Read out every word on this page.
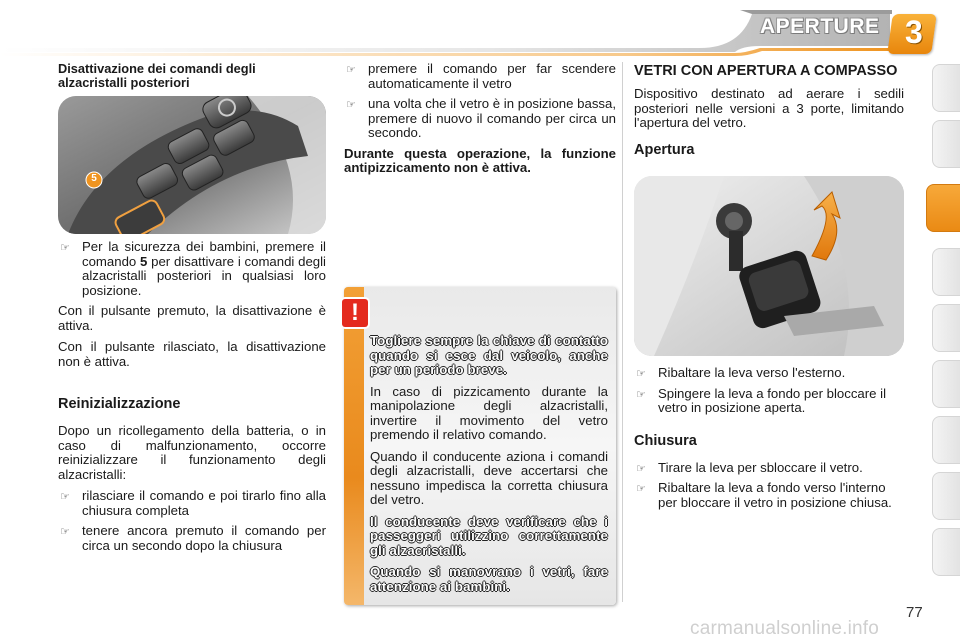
APERTURE 3

Disattivazione dei comandi degli alzacristalli posteriori

5
☞ Per la sicurezza dei bambini, premere il comando 5 per disattivare i comandi degli alzacristalli posteriori in qualsiasi loro posizione.

Con il pulsante premuto, la disattivazione è attiva.

Con il pulsante rilasciato, la disattivazione non è attiva.

Reinizializzazione

Dopo un ricollegamento della batteria, o in caso di malfunzionamento, occorre reinizializzare il funzionamento degli alzacristalli:

☞ rilasciare il comando e poi tirarlo fino alla chiusura completa
☞ tenere ancora premuto il comando per circa un secondo dopo la chiusura
☞ premere il comando per far scendere automaticamente il vetro
☞ una volta che il vetro è in posizione bassa, premere di nuovo il comando per circa un secondo.

Durante questa operazione, la funzione antipizzicamento non è attiva.

!

Togliere sempre la chiave di contatto quando si esce dal veicolo, anche per un periodo breve.

In caso di pizzicamento durante la manipolazione degli alzacristalli, invertire il movimento del vetro premendo il relativo comando.

Quando il conducente aziona i comandi degli alzacristalli, deve accertarsi che nessuno impedisca la corretta chiusura del vetro.

Il conducente deve verificare che i passeggeri utilizzino correttamente gli alzacristalli.

Quando si manovrano i vetri, fare attenzione ai bambini.

VETRI CON APERTURA A COMPASSO

Dispositivo destinato ad aerare i sedili posteriori nelle versioni a 3 porte, limitando l'apertura del vetro.

Apertura

☞ Ribaltare la leva verso l'esterno.
☞ Spingere la leva a fondo per bloccare il vetro in posizione aperta.

Chiusura

☞ Tirare la leva per sbloccare il vetro.
☞ Ribaltare la leva a fondo verso l'interno per bloccare il vetro in posizione chiusa.
77
carmanualsonline.info
